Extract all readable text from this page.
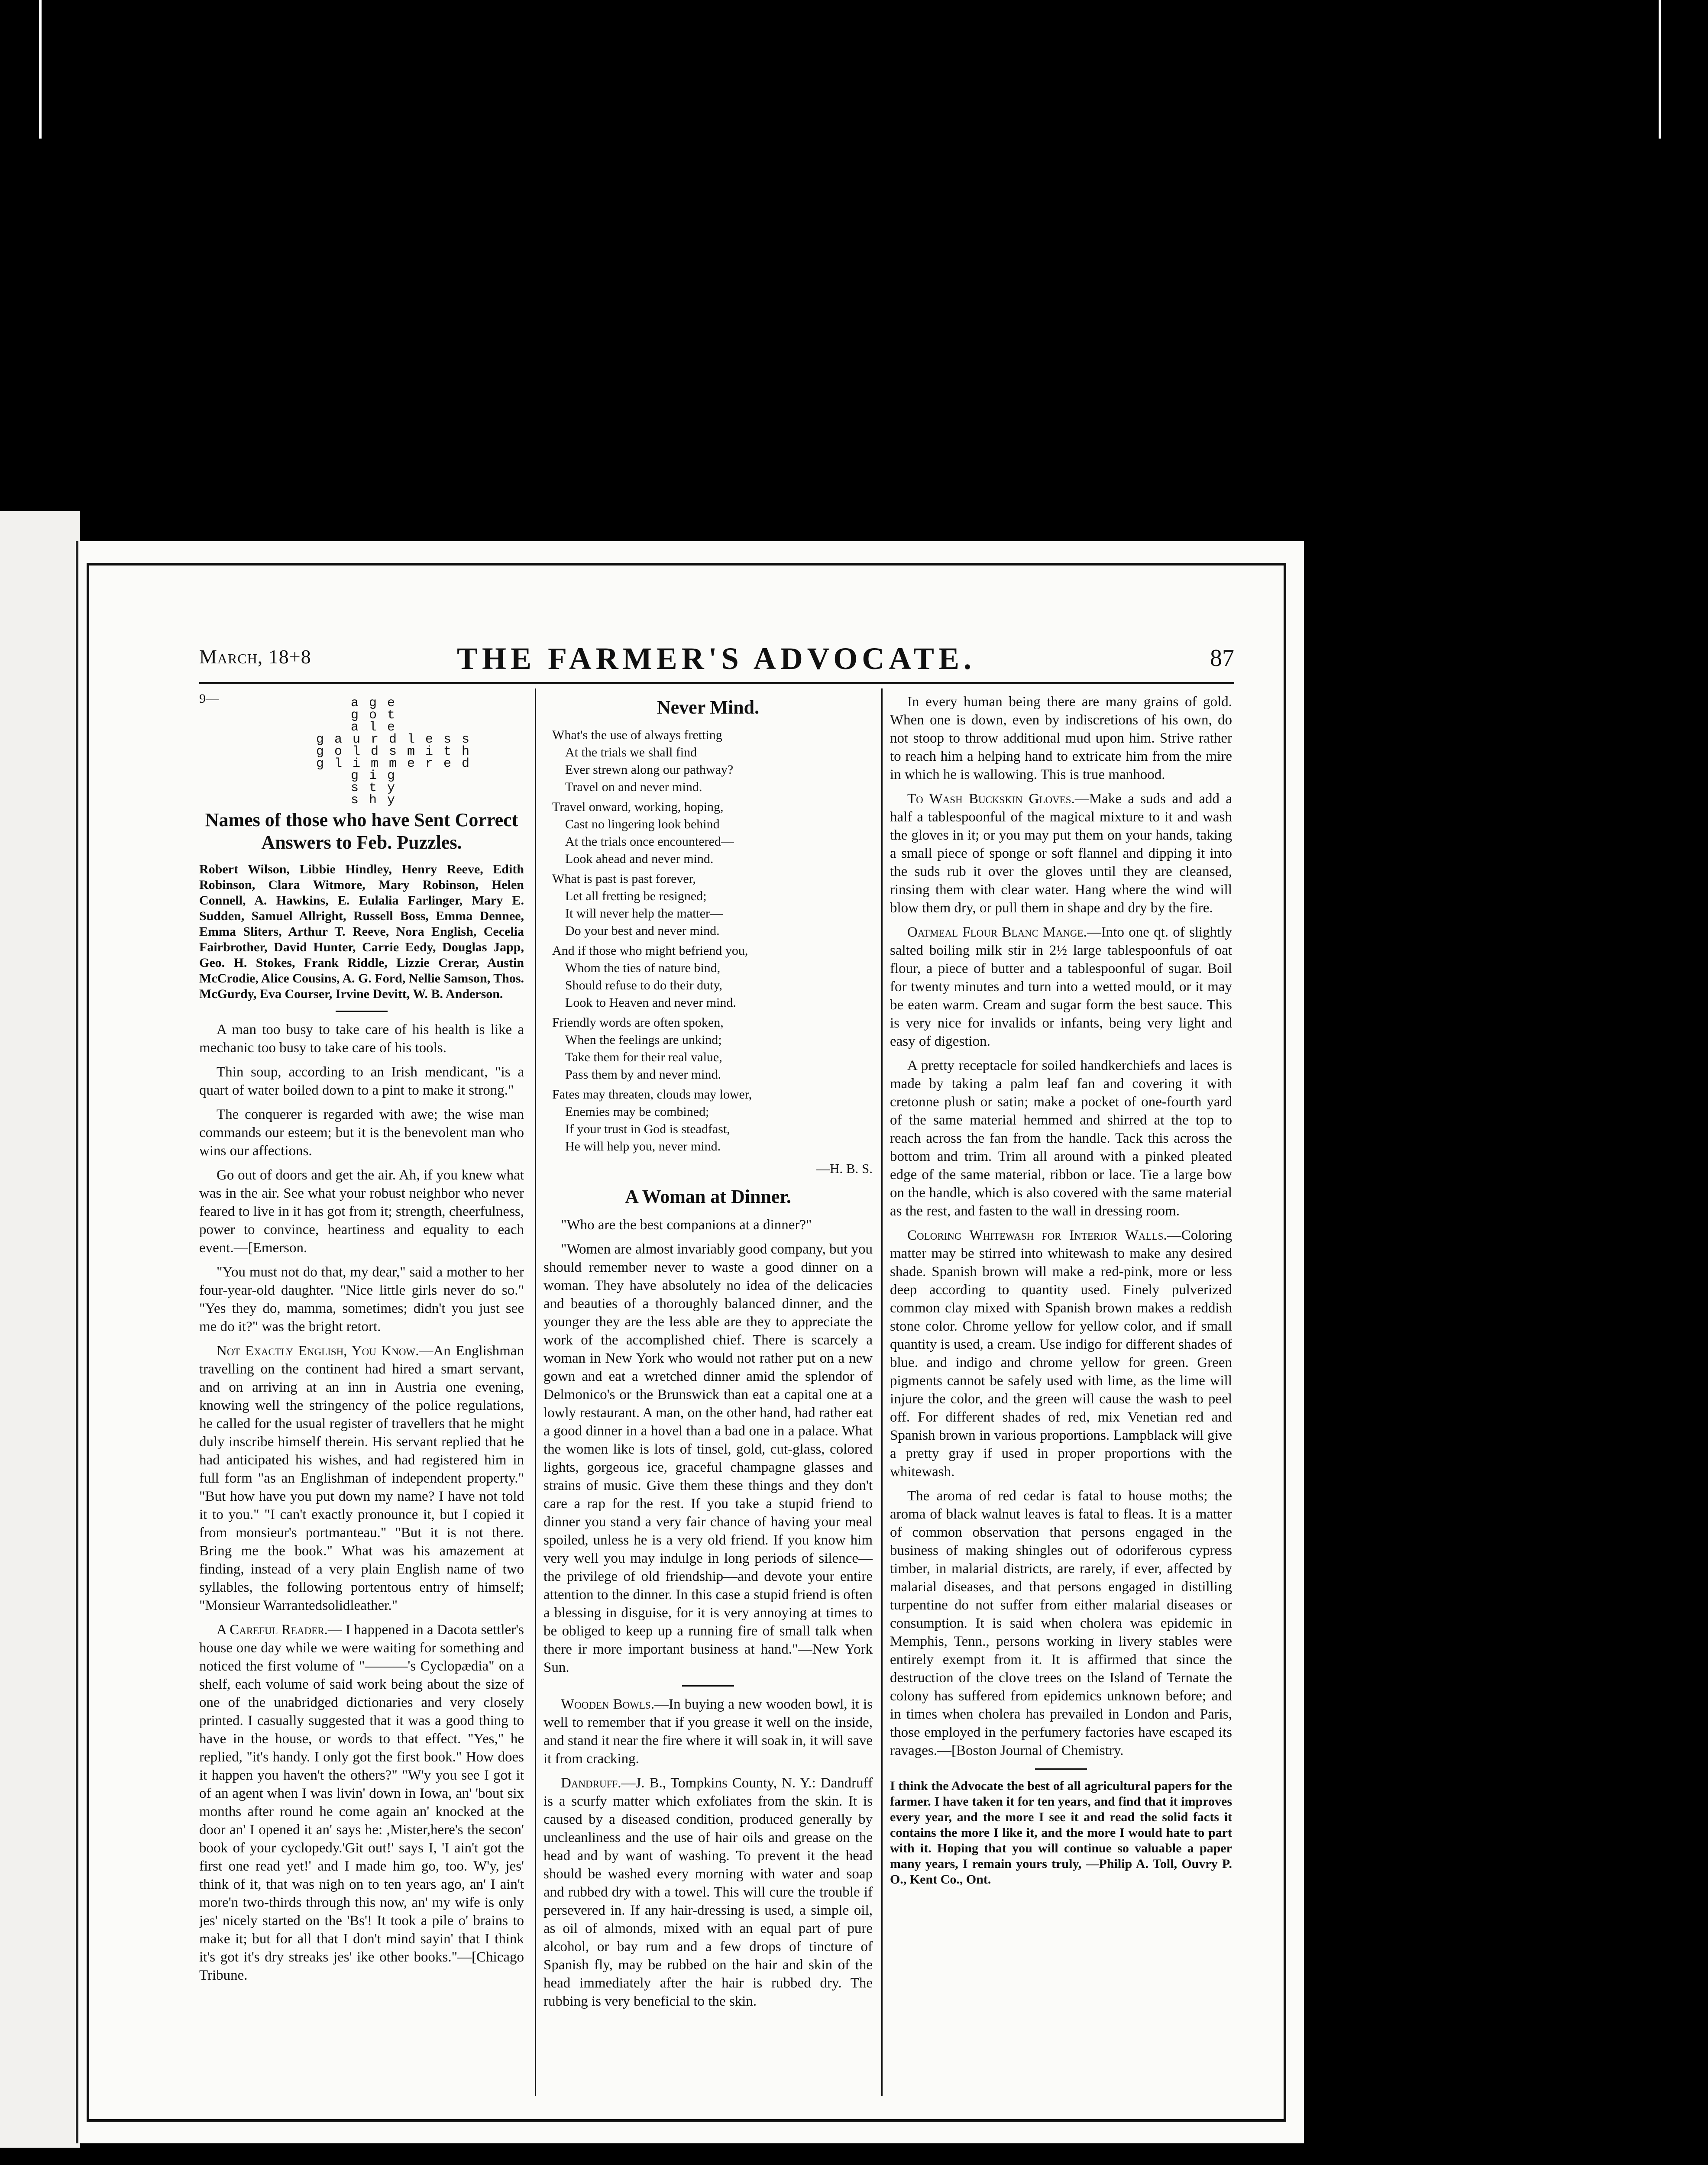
March, 18+8	THE FARMER'S ADVOCATE.	87
9—	a g e
g o t
a l e
g a u r d l e s s
g o l d s m i t h
g l i m m e r e d
g i g
s t y
s h y
Names of those who have Sent Correct Answers to Feb. Puzzles.
Robert Wilson, Libbie Hindley, Henry Reeve, Edith Robinson, Clara Witmore, Mary Robinson, Helen Connell, A. Hawkins, E. Eulalia Farlinger, Mary E. Sudden, Samuel Allright, Russell Boss, Emma Dennee, Emma Sliters, Arthur T. Reeve, Nora English, Cecelia Fairbrother, David Hunter, Carrie Eedy, Douglas Japp, Geo. H. Stokes, Frank Riddle, Lizzie Crerar, Austin McCrodie, Alice Cousins, A. G. Ford, Nellie Samson, Thos. McGurdy, Eva Courser, Irvine Devitt, W. B. Anderson.

A man too busy to take care of his health is like a mechanic too busy to take care of his tools.

Thin soup, according to an Irish mendicant, "is a quart of water boiled down to a pint to make it strong."

The conquerer is regarded with awe; the wise man commands our esteem; but it is the benevolent man who wins our affections.

Go out of doors and get the air. Ah, if you knew what was in the air. See what your robust neighbor who never feared to live in it has got from it; strength, cheerfulness, power to convince, heartiness and equality to each event.—[Emerson.

"You must not do that, my dear," said a mother to her four-year-old daughter. "Nice little girls never do so." "Yes they do, mamma, sometimes; didn't you just see me do it?" was the bright retort.

Not Exactly English, You Know.—An Englishman travelling on the continent had hired a smart servant, and on arriving at an inn in Austria one evening, knowing well the stringency of the police regulations, he called for the usual register of travellers that he might duly inscribe himself therein. His servant replied that he had anticipated his wishes, and had registered him in full form "as an Englishman of independent property." "But how have you put down my name? I have not told it to you." "I can't exactly pronounce it, but I copied it from monsieur's portmanteau." "But it is not there. Bring me the book." What was his amazement at finding, instead of a very plain English name of two syllables, the following portentous entry of himself; "Monsieur Warrantedsolidleather."

A Careful Reader.— I happened in a Dacota settler's house one day while we were waiting for something and noticed the first volume of "———'s Cyclopædia" on a shelf, each volume of said work being about the size of one of the unabridged dictionaries and very closely printed. I casually suggested that it was a good thing to have in the house, or words to that effect. "Yes," he replied, "it's handy. I only got the first book." How does it happen you haven't the others?" "W'y you see I got it of an agent when I was livin' down in Iowa, an' 'bout six months after round he come again an' knocked at the door an' I opened it an' says he: ,Mister,here's the secon' book of your cyclopedy.'Git out!' says I, 'I ain't got the first one read yet!' and I made him go, too. W'y, jes' think of it, that was nigh on to ten years ago, an' I ain't more'n two-thirds through this now, an' my wife is only jes' nicely started on the 'Bs'! It took a pile o' brains to make it; but for all that I don't mind sayin' that I think it's got it's dry streaks jes' ike other books."—[Chicago Tribune.

Never Mind.
What's the use of always fretting
At the trials we shall find
Ever strewn along our pathway?
Travel on and never mind.
Travel onward, working, hoping,
Cast no lingering look behind
At the trials once encountered—
Look ahead and never mind.
What is past is past forever,
Let all fretting be resigned;
It will never help the matter—
Do your best and never mind.
And if those who might befriend you,
Whom the ties of nature bind,
Should refuse to do their duty,
Look to Heaven and never mind.
Friendly words are often spoken,
When the feelings are unkind;
Take them for their real value,
Pass them by and never mind.
Fates may threaten, clouds may lower,
Enemies may be combined;
If your trust in God is steadfast,
He will help you, never mind.
—H. B. S.
A Woman at Dinner.

"Who are the best companions at a dinner?"

"Women are almost invariably good company, but you should remember never to waste a good dinner on a woman. They have absolutely no idea of the delicacies and beauties of a thoroughly balanced dinner, and the younger they are the less able are they to appreciate the work of the accomplished chief. There is scarcely a woman in New York who would not rather put on a new gown and eat a wretched dinner amid the splendor of Delmonico's or the Brunswick than eat a capital one at a lowly restaurant. A man, on the other hand, had rather eat a good dinner in a hovel than a bad one in a palace. What the women like is lots of tinsel, gold, cut-glass, colored lights, gorgeous ice, graceful champagne glasses and strains of music. Give them these things and they don't care a rap for the rest. If you take a stupid friend to dinner you stand a very fair chance of having your meal spoiled, unless he is a very old friend. If you know him very well you may indulge in long periods of silence—the privilege of old friendship—and devote your entire attention to the dinner. In this case a stupid friend is often a blessing in disguise, for it is very annoying at times to be obliged to keep up a running fire of small talk when there ir more important business at hand."—New York Sun.

Wooden Bowls.—In buying a new wooden bowl, it is well to remember that if you grease it well on the inside, and stand it near the fire where it will soak in, it will save it from cracking.

Dandruff.—J. B., Tompkins County, N. Y.: Dandruff is a scurfy matter which exfoliates from the skin. It is caused by a diseased condition, produced generally by uncleanliness and the use of hair oils and grease on the head and by want of washing. To prevent it the head should be washed every morning with water and soap and rubbed dry with a towel. This will cure the trouble if persevered in. If any hair-dressing is used, a simple oil, as oil of almonds, mixed with an equal part of pure alcohol, or bay rum and a few drops of tincture of Spanish fly, may be rubbed on the hair and skin of the head immediately after the hair is rubbed dry. The rubbing is very beneficial to the skin.

In every human being there are many grains of gold. When one is down, even by indiscretions of his own, do not stoop to throw additional mud upon him. Strive rather to reach him a helping hand to extricate him from the mire in which he is wallowing. This is true manhood.

To Wash Buckskin Gloves.—Make a suds and add a half a tablespoonful of the magical mixture to it and wash the gloves in it; or you may put them on your hands, taking a small piece of sponge or soft flannel and dipping it into the suds rub it over the gloves until they are cleansed, rinsing them with clear water. Hang where the wind will blow them dry, or pull them in shape and dry by the fire.

Oatmeal Flour Blanc Mange.—Into one qt. of slightly salted boiling milk stir in 2½ large tablespoonfuls of oat flour, a piece of butter and a tablespoonful of sugar. Boil for twenty minutes and turn into a wetted mould, or it may be eaten warm. Cream and sugar form the best sauce. This is very nice for invalids or infants, being very light and easy of digestion.

A pretty receptacle for soiled handkerchiefs and laces is made by taking a palm leaf fan and covering it with cretonne plush or satin; make a pocket of one-fourth yard of the same material hemmed and shirred at the top to reach across the fan from the handle. Tack this across the bottom and trim. Trim all around with a pinked pleated edge of the same material, ribbon or lace. Tie a large bow on the handle, which is also covered with the same material as the rest, and fasten to the wall in dressing room.

Coloring Whitewash for Interior Walls.—Coloring matter may be stirred into whitewash to make any desired shade. Spanish brown will make a red-pink, more or less deep according to quantity used. Finely pulverized common clay mixed with Spanish brown makes a reddish stone color. Chrome yellow for yellow color, and if small quantity is used, a cream. Use indigo for different shades of blue. and indigo and chrome yellow for green. Green pigments cannot be safely used with lime, as the lime will injure the color, and the green will cause the wash to peel off. For different shades of red, mix Venetian red and Spanish brown in various proportions. Lampblack will give a pretty gray if used in proper proportions with the whitewash.

The aroma of red cedar is fatal to house moths; the aroma of black walnut leaves is fatal to fleas. It is a matter of common observation that persons engaged in the business of making shingles out of odoriferous cypress timber, in malarial districts, are rarely, if ever, affected by malarial diseases, and that persons engaged in distilling turpentine do not suffer from either malarial diseases or consumption. It is said when cholera was epidemic in Memphis, Tenn., persons working in livery stables were entirely exempt from it. It is affirmed that since the destruction of the clove trees on the Island of Ternate the colony has suffered from epidemics unknown before; and in times when cholera has prevailed in London and Paris, those employed in the perfumery factories have escaped its ravages.—[Boston Journal of Chemistry.

I think the Advocate the best of all agricultural papers for the farmer. I have taken it for ten years, and find that it improves every year, and the more I see it and read the solid facts it contains the more I like it, and the more I would hate to part with it. Hoping that you will continue so valuable a paper many years, I remain yours truly, —Philip A. Toll, Ouvry P. O., Kent Co., Ont.
